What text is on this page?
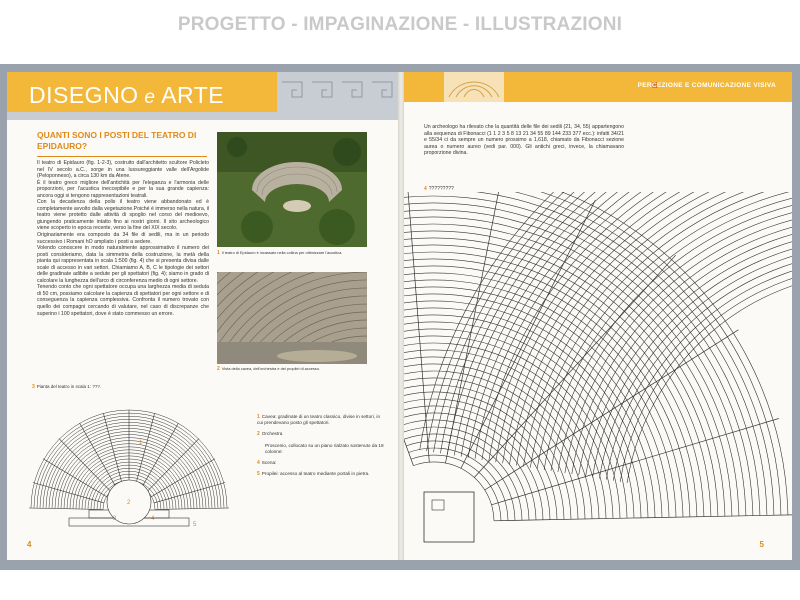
PROGETTO - IMPAGINAZIONE - ILLUSTRAZIONI
DISEGNO e ARTE
QUANTI SONO I POSTI DEL TEATRO DI EPIDAURO?

Il teatro di Epidauro (fig. 1-2-3), costruito dall'architetto scultore Policleto nel IV secolo a.C., sorge in una lussureggiante valle dell'Argolide (Peloponneso), a circa 130 km da Atene.

È il teatro greco migliore dell'antichità per l'eleganza e l'armonia delle proporzioni, per l'acustica ineccepibile e per la sua grande capienza: ancora oggi si tengono rappresentazioni teatrali.

Con la decadenza della polis il teatro viene abbandonato ed è completamente avvolto dalla vegetazione.Poiché è immerso nella natura, il teatro viene protetto dalle attività di spoglio nel corso del medioevo, giungendo praticamente intatto fino ai nostri giorni. Il sito archeologico viene scoperto in epoca recente, verso la fine del XIX secolo.

Originariamente era composto da 34 file di sedili, ma in un periodo successivo i Romani hO ampliato i posti a sedere.

Volendo conoscere in modo naturalmente approssimativo il numero dei posti consideriamo, data la simmetria della costruzione, la metà della pianta qui rappresentata in scala 1:500 (fig. 4) che si presenta divisa dalle scale di accesso in vari settori. Chiamiamo A, B, C le tipologie dei settori delle gradinate adibite a sedute per gli spettatori (fig. 4); siamo in grado di calcolare la lunghezza dell'arco di circonferenza medio di ogni settore.

Tenendo conto che ogni spettatore occupa una larghezza media di seduta di 50 cm, possiamo calcolare la capienza di spettatori per ogni settore e di conseguenza la capienza complessiva. Confronta il numero trovato con quello dei compagni cercando di valutare, nel caso di discrepanze che superino i 100 spettatori, dove è stato commesso un errore.

1 Il teatro di Epidauro è incassato nella collina per ottimizzare l'acustica.
2 Vista della cavea, dell'orchestra e dei propilei di accesso.
3 Pianta del teatro in scala 1: ???.
1
2
3	4
5
1 Cavea: gradinate di un teatro classico, divise in settori, in cui prendevano posto gli spettatori.
2 Orchestra
Proscenio, collocato su un piano rialzato sostenuto da 18 colonne:
4 Scena:
5 Propilei: accesso al teatro mediante portali in pietra.
4
PERCEZIONE E COMUNICAZIONE VISIVA
Un archeologo ha rilevato che la quantità delle file dei sedili (21, 34, 55) appartengono alla sequenza di Fibonacci (1 1 2 3 5 8 13 21 34 55 89 144 233 377 ecc.): infatti 34/21 e 55/34 ci da sempre un numero prossimo a 1,618, chiamato da Fibonacci sezione aurea o numero aureo (vedi par. 000). Gli antichi greci, invece, la chiamavano proporzione divina.
4 ?????????
5
